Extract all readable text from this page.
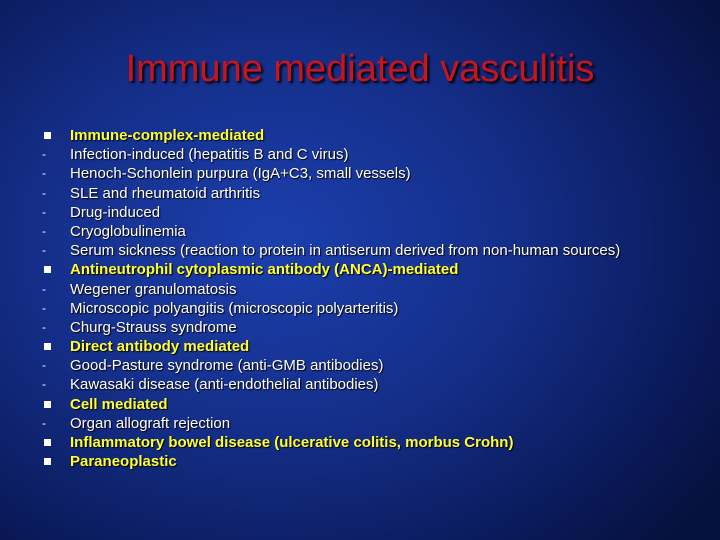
Immune mediated vasculitis
Immune-complex-mediated
- Infection-induced (hepatitis B and C virus)
- Henoch-Schonlein purpura (IgA+C3, small vessels)
- SLE and rheumatoid arthritis
- Drug-induced
- Cryoglobulinemia
- Serum sickness (reaction to protein in antiserum derived from non-human sources)
Antineutrophil cytoplasmic antibody (ANCA)-mediated
- Wegener granulomatosis
- Microscopic polyangitis (microscopic polyarteritis)
- Churg-Strauss syndrome
Direct antibody mediated
- Good-Pasture syndrome (anti-GMB antibodies)
- Kawasaki disease (anti-endothelial antibodies)
Cell mediated
- Organ allograft rejection
Inflammatory bowel disease (ulcerative colitis, morbus Crohn)
Paraneoplastic
